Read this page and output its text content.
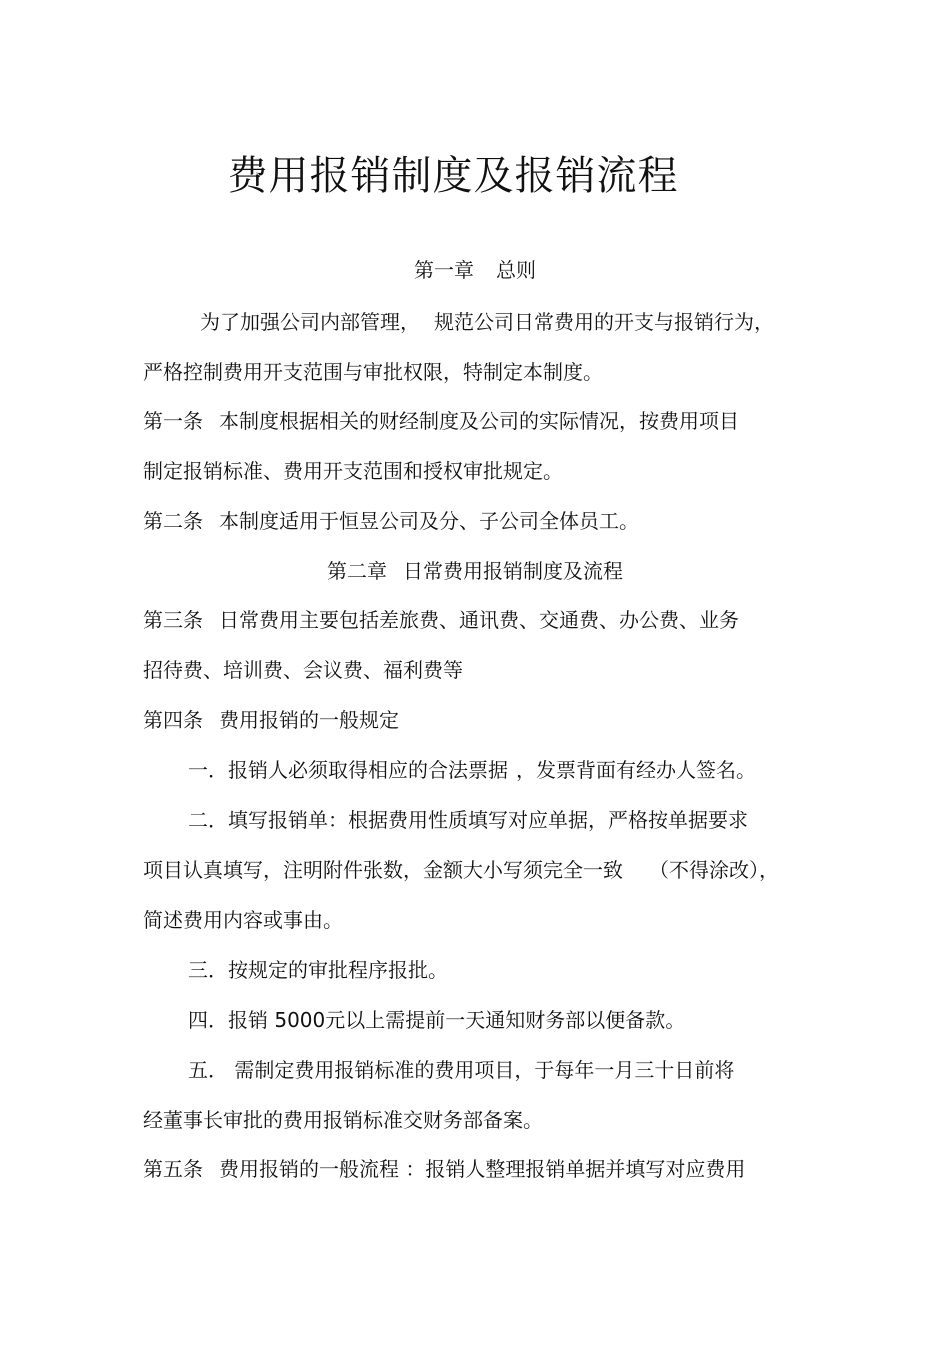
费用报销制度及报销流程
第一章 总则
为了加强公司内部管理， 规范公司日常费用的开支与报销行为，
严格控制费用开支范围与审批权限，特制定本制度。
第一条 本制度根据相关的财经制度及公司的实际情况，按费用项目
制定报销标准、费用开支范围和授权审批规定。
第二条 本制度适用于恒昱公司及分、子公司全体员工。
第二章 日常费用报销制度及流程
第三条 日常费用主要包括差旅费、通讯费、交通费、办公费、业务
招待费、培训费、会议费、福利费等
第四条 费用报销的一般规定
一．报销人必须取得相应的合法票据 ，发票背面有经办人签名。
二．填写报销单：根据费用性质填写对应单据，严格按单据要求
项目认真填写，注明附件张数，金额大小写须完全一致 （不得涂改），
简述费用内容或事由。
三．按规定的审批程序报批。
四．报销 5000元以上需提前一天通知财务部以便备款。
五． 需制定费用报销标准的费用项目，于每年一月三十日前将
经董事长审批的费用报销标准交财务部备案。
第五条 费用报销的一般流程 ：报销人整理报销单据并填写对应费用
